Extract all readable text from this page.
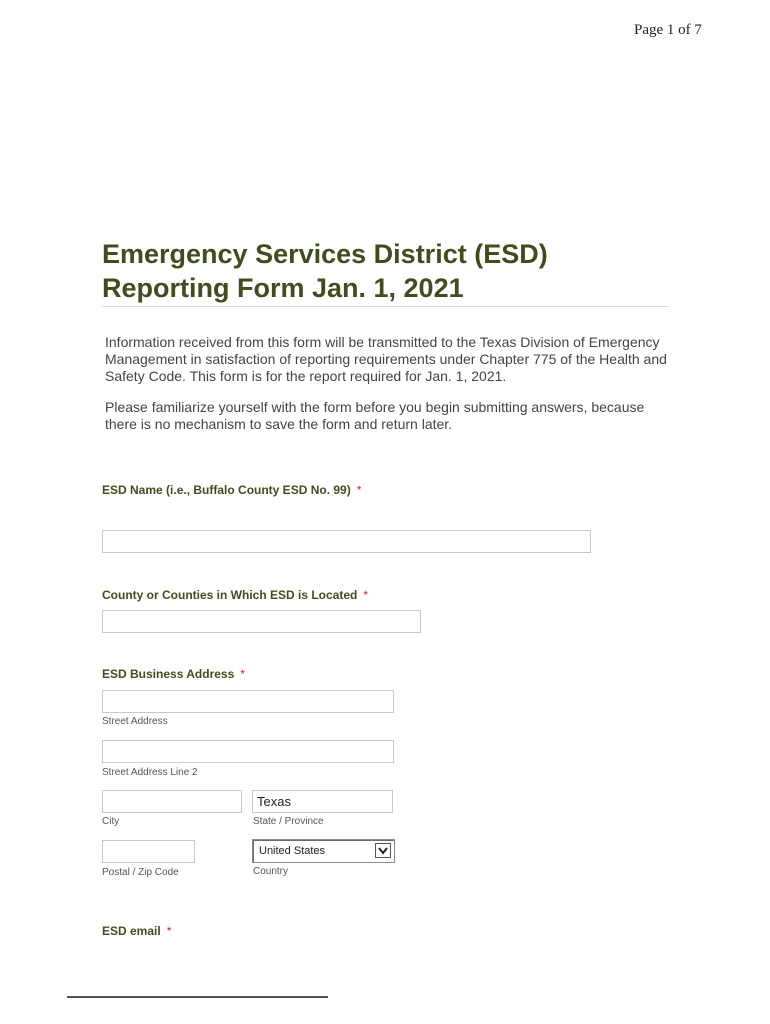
Page 1 of 7
Emergency Services District (ESD)
Reporting Form Jan. 1, 2021

Information received from this form will be transmitted to the Texas Division of Emergency Management in satisfaction of reporting requirements under Chapter 775 of the Health and Safety Code. This form is for the report required for Jan. 1, 2021.

Please familiarize yourself with the form before you begin submitting answers, because there is no mechanism to save the form and return later.

ESD Name (i.e., Buffalo County ESD No. 99) *
County or Counties in Which ESD is Located *
ESD Business Address *
Street Address
Street Address Line 2
City
Texas	State / Province
Postal / Zip Code
United States
Country
ESD email *
